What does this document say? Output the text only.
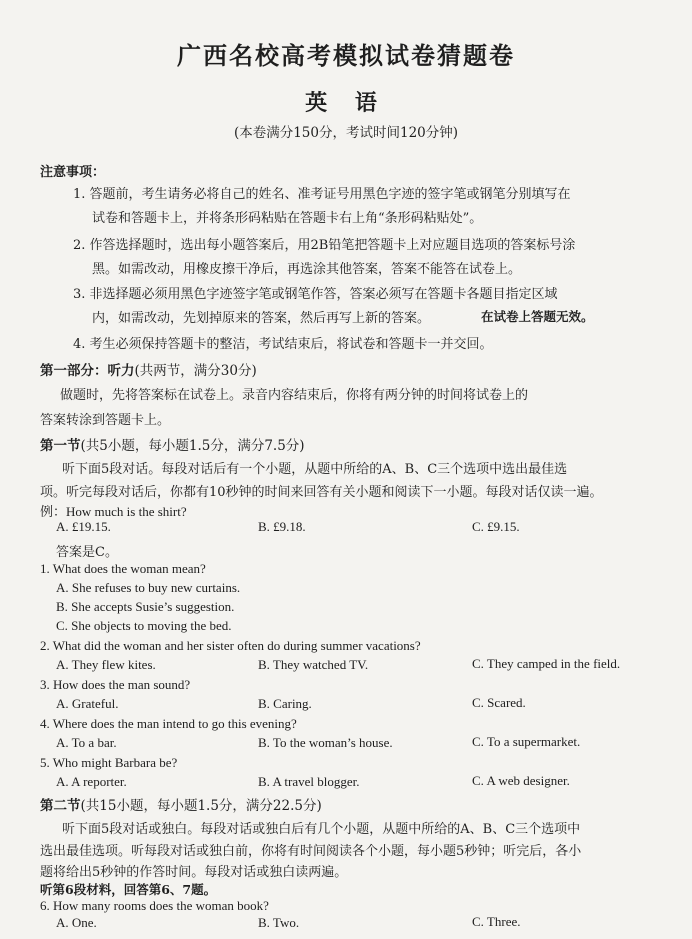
广西名校高考模拟试卷猜题卷
英 语
(本卷满分150分，考试时间120分钟)
注意事项：
1. 答题前，考生请务必将自己的姓名、准考证号用黑色字迹的签字笔或钢笔分别填写在
试卷和答题卡上，并将条形码粘贴在答题卡右上角“条形码粘贴处”。
2. 作答选择题时，选出每小题答案后，用2B铅笔把答题卡上对应题目选项的答案标号涂
黑。如需改动，用橡皮擦干净后，再选涂其他答案，答案不能答在试卷上。
3. 非选择题必须用黑色字迹签字笔或钢笔作答，答案必须写在答题卡各题目指定区域
内，如需改动，先划掉原来的答案，然后再写上新的答案。	在试卷上答题无效。
4. 考生必须保持答题卡的整洁，考试结束后，将试卷和答题卡一并交回。
第一部分：听力(共两节，满分30分)
做题时，先将答案标在试卷上。录音内容结束后，你将有两分钟的时间将试卷上的
答案转涂到答题卡上。
第一节(共5小题，每小题1.5分，满分7.5分)
听下面5段对话。每段对话后有一个小题，从题中所给的A、B、C三个选项中选出最佳选
项。听完每段对话后，你都有10秒钟的时间来回答有关小题和阅读下一小题。每段对话仅读一遍。
例：How much is the shirt?
A. £19.15.	B. £9.18.	C. £9.15.
答案是C。
1. What does the woman mean?
A. She refuses to buy new curtains.
B. She accepts Susie’s suggestion.
C. She objects to moving the bed.
2. What did the woman and her sister often do during summer vacations?
A. They flew kites.	B. They watched TV.	C. They camped in the field.
3. How does the man sound?
A. Grateful.	B. Caring.	C. Scared.
4. Where does the man intend to go this evening?
A. To a bar.	B. To the woman’s house.	C. To a supermarket.
5. Who might Barbara be?
A. A reporter.	B. A travel blogger.	C. A web designer.
第二节(共15小题，每小题1.5分，满分22.5分)
听下面5段对话或独白。每段对话或独白后有几个小题，从题中所给的A、B、C三个选项中
选出最佳选项。听每段对话或独白前，你将有时间阅读各个小题，每小题5秒钟；听完后，各小
题将给出5秒钟的作答时间。每段对话或独白读两遍。
听第6段材料，回答第6、7题。
6. How many rooms does the woman book?
A. One.	B. Two.	C. Three.
